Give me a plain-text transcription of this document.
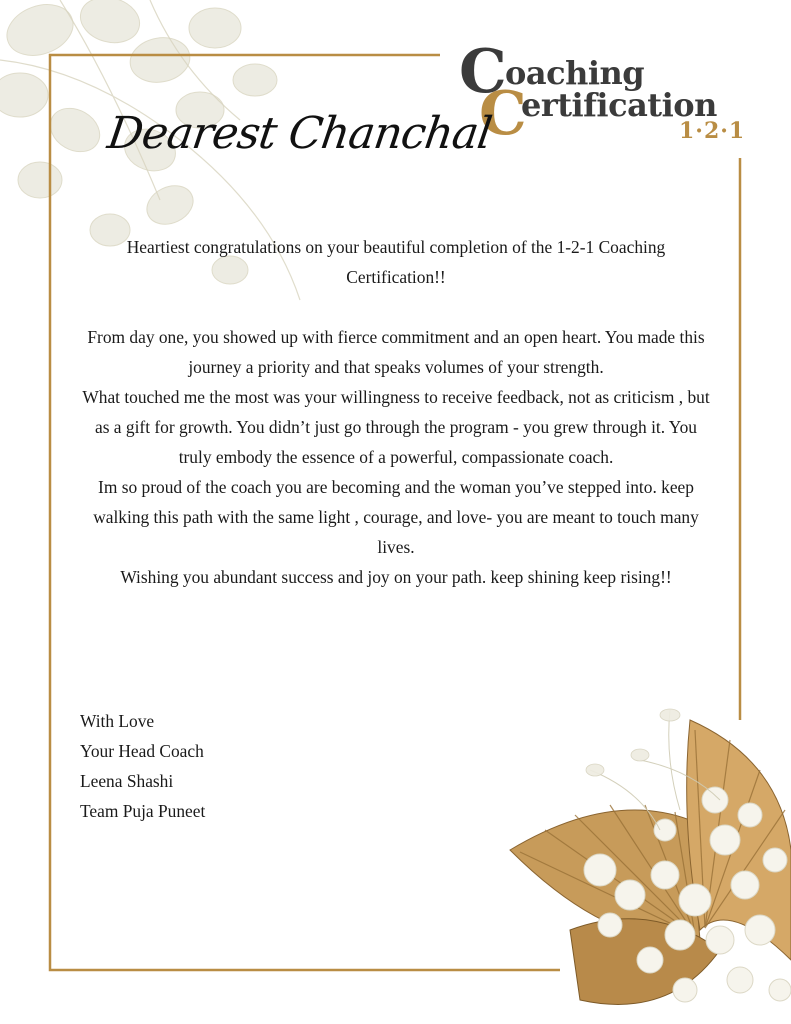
C
oaching
C
ertification
1·2·1
Dearest Chanchal

Heartiest congratulations on your beautiful completion of the 1-2-1 Coaching Certification!!

From day one, you showed up with fierce commitment and an open heart. You made this journey a priority and that speaks volumes of your strength.

What touched me the most was your willingness to receive feedback, not as criticism , but as a gift for growth. You didn’t just go through the program - you grew through it. You truly embody the essence of a powerful, compassionate coach.

Im so proud of the coach you are becoming and the woman you’ve stepped into. keep walking this path with the same light , courage, and love- you are meant to touch many lives.

Wishing you abundant success and joy on your path. keep shining keep rising!!

With Love
Your Head Coach
Leena Shashi
Team Puja Puneet
